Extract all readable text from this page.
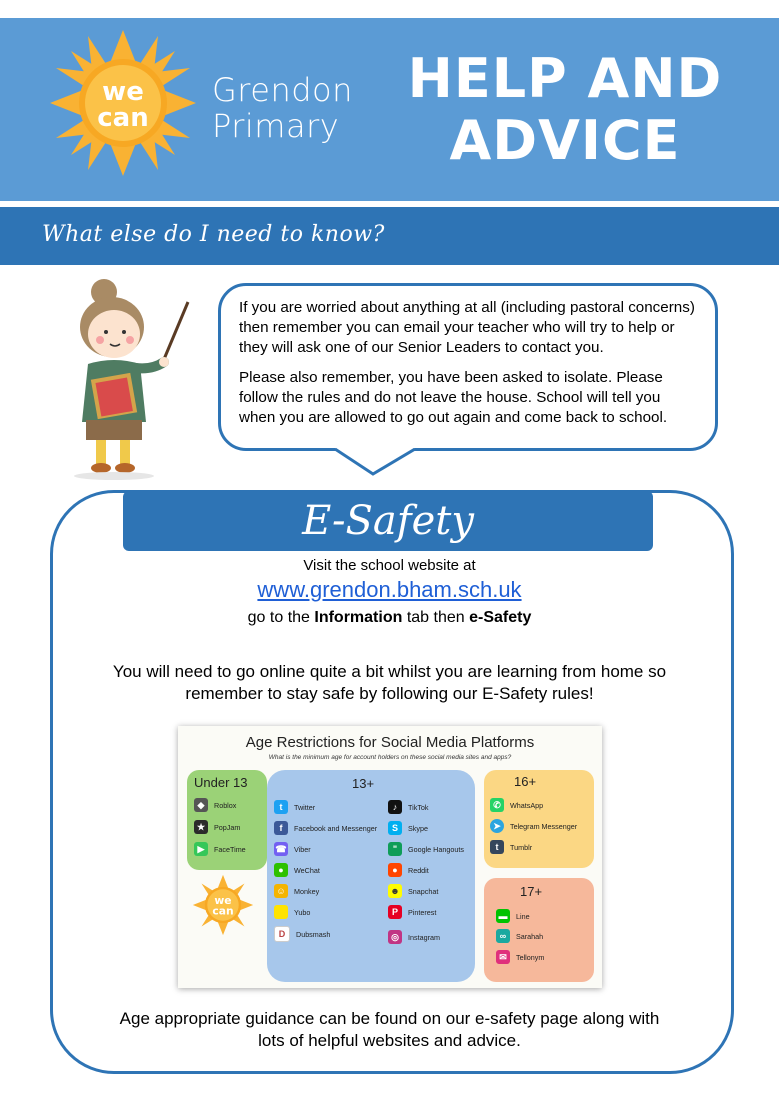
we
can
Grendon
Primary
HELP AND
ADVICE
What else do I need to know?

If you are worried about anything at all (including pastoral concerns) then remember you can email your teacher who will try to help or they will ask one of our Senior Leaders to contact you.

Please also remember, you have been asked to isolate. Please follow the rules and do not leave the house. School will tell you when you are allowed to go out again and come back to school.

E-Safety
Visit the school website at
www.grendon.bham.sch.uk
go to the Information tab then e-Safety
You will need to go online quite a bit whilst you are learning from home so remember to stay safe by following our E-Safety rules!
Age Restrictions for Social Media Platforms
What is the minimum age for account holders on these social media sites and apps?
Under 13	13+	16+
17+
◆	Roblox
★	PopJam
▶	FaceTime
t	Twitter
f	Facebook and Messenger
☎ Viber
●	WeChat
☺	Monkey
Yubo
D	Dubsmash
♪	TikTok
S	Skype
"	Google Hangouts
●	Reddit
☻	Snapchat
P	Pinterest
◎	Instagram
✆	WhatsApp
➤	Telegram Messenger
t	Tumblr
▬	Line
∞	Sarahah
✉	Tellonym
we
can
Age appropriate guidance can be found on our e-safety page along with lots of helpful websites and advice.
